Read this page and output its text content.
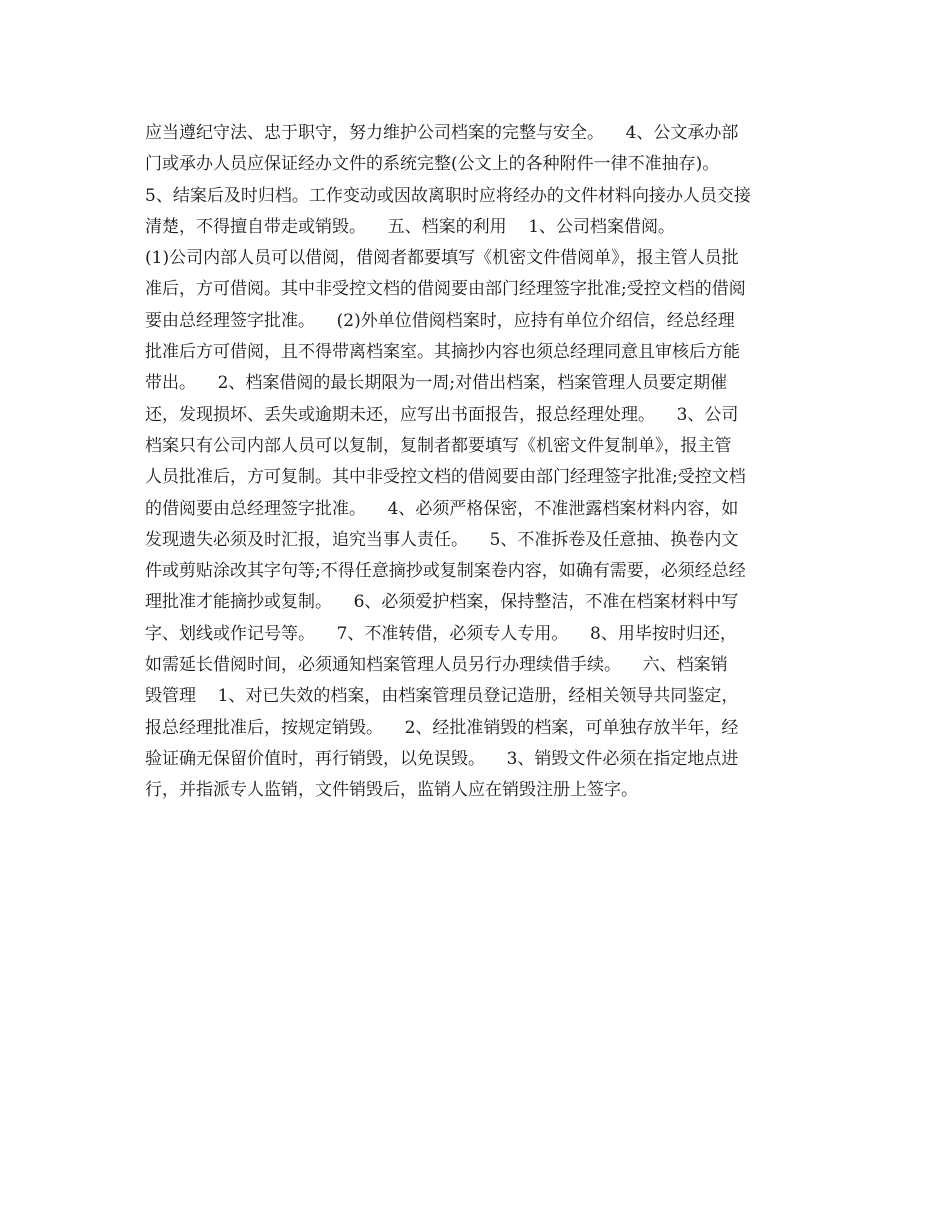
应当遵纪守法、忠于职守，努力维护公司档案的完整与安全。    4、公文承办部
门或承办人员应保证经办文件的系统完整(公文上的各种附件一律不准抽存)。
5、结案后及时归档。工作变动或因故离职时应将经办的文件材料向接办人员交接
清楚，不得擅自带走或销毁。    五、档案的利用    1、公司档案借阅。
(1)公司内部人员可以借阅，借阅者都要填写《机密文件借阅单》，报主管人员批
准后，方可借阅。其中非受控文档的借阅要由部门经理签字批准;受控文档的借阅
要由总经理签字批准。    (2)外单位借阅档案时，应持有单位介绍信，经总经理
批准后方可借阅，且不得带离档案室。其摘抄内容也须总经理同意且审核后方能
带出。    2、档案借阅的最长期限为一周;对借出档案，档案管理人员要定期催
还，发现损坏、丢失或逾期未还，应写出书面报告，报总经理处理。    3、公司
档案只有公司内部人员可以复制，复制者都要填写《机密文件复制单》，报主管
人员批准后，方可复制。其中非受控文档的借阅要由部门经理签字批准;受控文档
的借阅要由总经理签字批准。    4、必须严格保密，不准泄露档案材料内容，如
发现遗失必须及时汇报，追究当事人责任。    5、不准拆卷及任意抽、换卷内文
件或剪贴涂改其字句等;不得任意摘抄或复制案卷内容，如确有需要，必须经总经
理批准才能摘抄或复制。    6、必须爱护档案，保持整洁，不准在档案材料中写
字、划线或作记号等。    7、不准转借，必须专人专用。    8、用毕按时归还，
如需延长借阅时间，必须通知档案管理人员另行办理续借手续。    六、档案销
毁管理    1、对已失效的档案，由档案管理员登记造册，经相关领导共同鉴定，
报总经理批准后，按规定销毁。    2、经批准销毁的档案，可单独存放半年，经
验证确无保留价值时，再行销毁，以免误毁。    3、销毁文件必须在指定地点进
行，并指派专人监销，文件销毁后，监销人应在销毁注册上签字。
